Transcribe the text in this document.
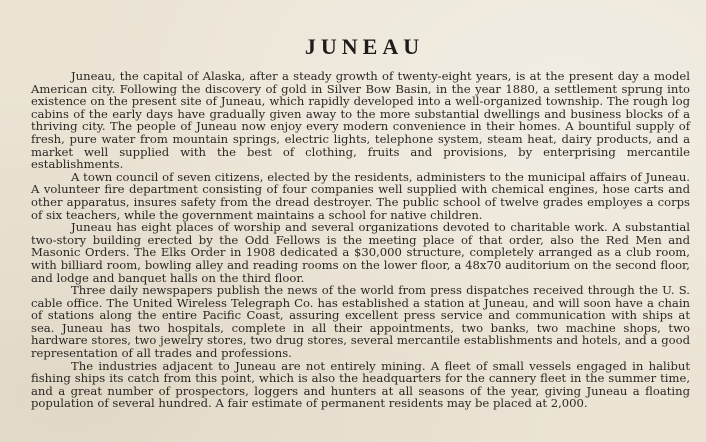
JUNEAU

Juneau, the capital of Alaska, after a steady growth of twenty-eight years, is at the present day a model American city. Following the discovery of gold in Silver Bow Basin, in the year 1880, a settlement sprung into existence on the present site of Juneau, which rapidly developed into a well-organized township. The rough log cabins of the early days have gradually given away to the more substantial dwellings and business blocks of a thriving city. The people of Juneau now enjoy every modern convenience in their homes. A bountiful supply of fresh, pure water from mountain springs, electric lights, telephone system, steam heat, dairy products, and a market well supplied with the best of clothing, fruits and provisions, by enterprising mercantile establishments.

A town council of seven citizens, elected by the residents, administers to the municipal affairs of Juneau. A volunteer fire department consisting of four companies well supplied with chemical engines, hose carts and other apparatus, insures safety from the dread destroyer. The public school of twelve grades employes a corps of six teachers, while the government maintains a school for native children.

Juneau has eight places of worship and several organizations devoted to charitable work. A substantial two-story building erected by the Odd Fellows is the meeting place of that order, also the Red Men and Masonic Orders. The Elks Order in 1908 dedicated a $30,000 structure, completely arranged as a club room, with billiard room, bowling alley and reading rooms on the lower floor, a 48x70 auditorium on the second floor, and lodge and banquet halls on the third floor.

Three daily newspapers publish the news of the world from press dispatches received through the U. S. cable office. The United Wireless Telegraph Co. has established a station at Juneau, and will soon have a chain of stations along the entire Pacific Coast, assuring excellent press service and communication with ships at sea. Juneau has two hospitals, complete in all their appointments, two banks, two machine shops, two hardware stores, two jewelry stores, two drug stores, several mercantile establishments and hotels, and a good representation of all trades and professions.

The industries adjacent to Juneau are not entirely mining. A fleet of small vessels engaged in halibut fishing ships its catch from this point, which is also the headquarters for the cannery fleet in the summer time, and a great number of prospectors, loggers and hunters at all seasons of the year, giving Juneau a floating population of several hundred. A fair estimate of permanent residents may be placed at 2,000.
